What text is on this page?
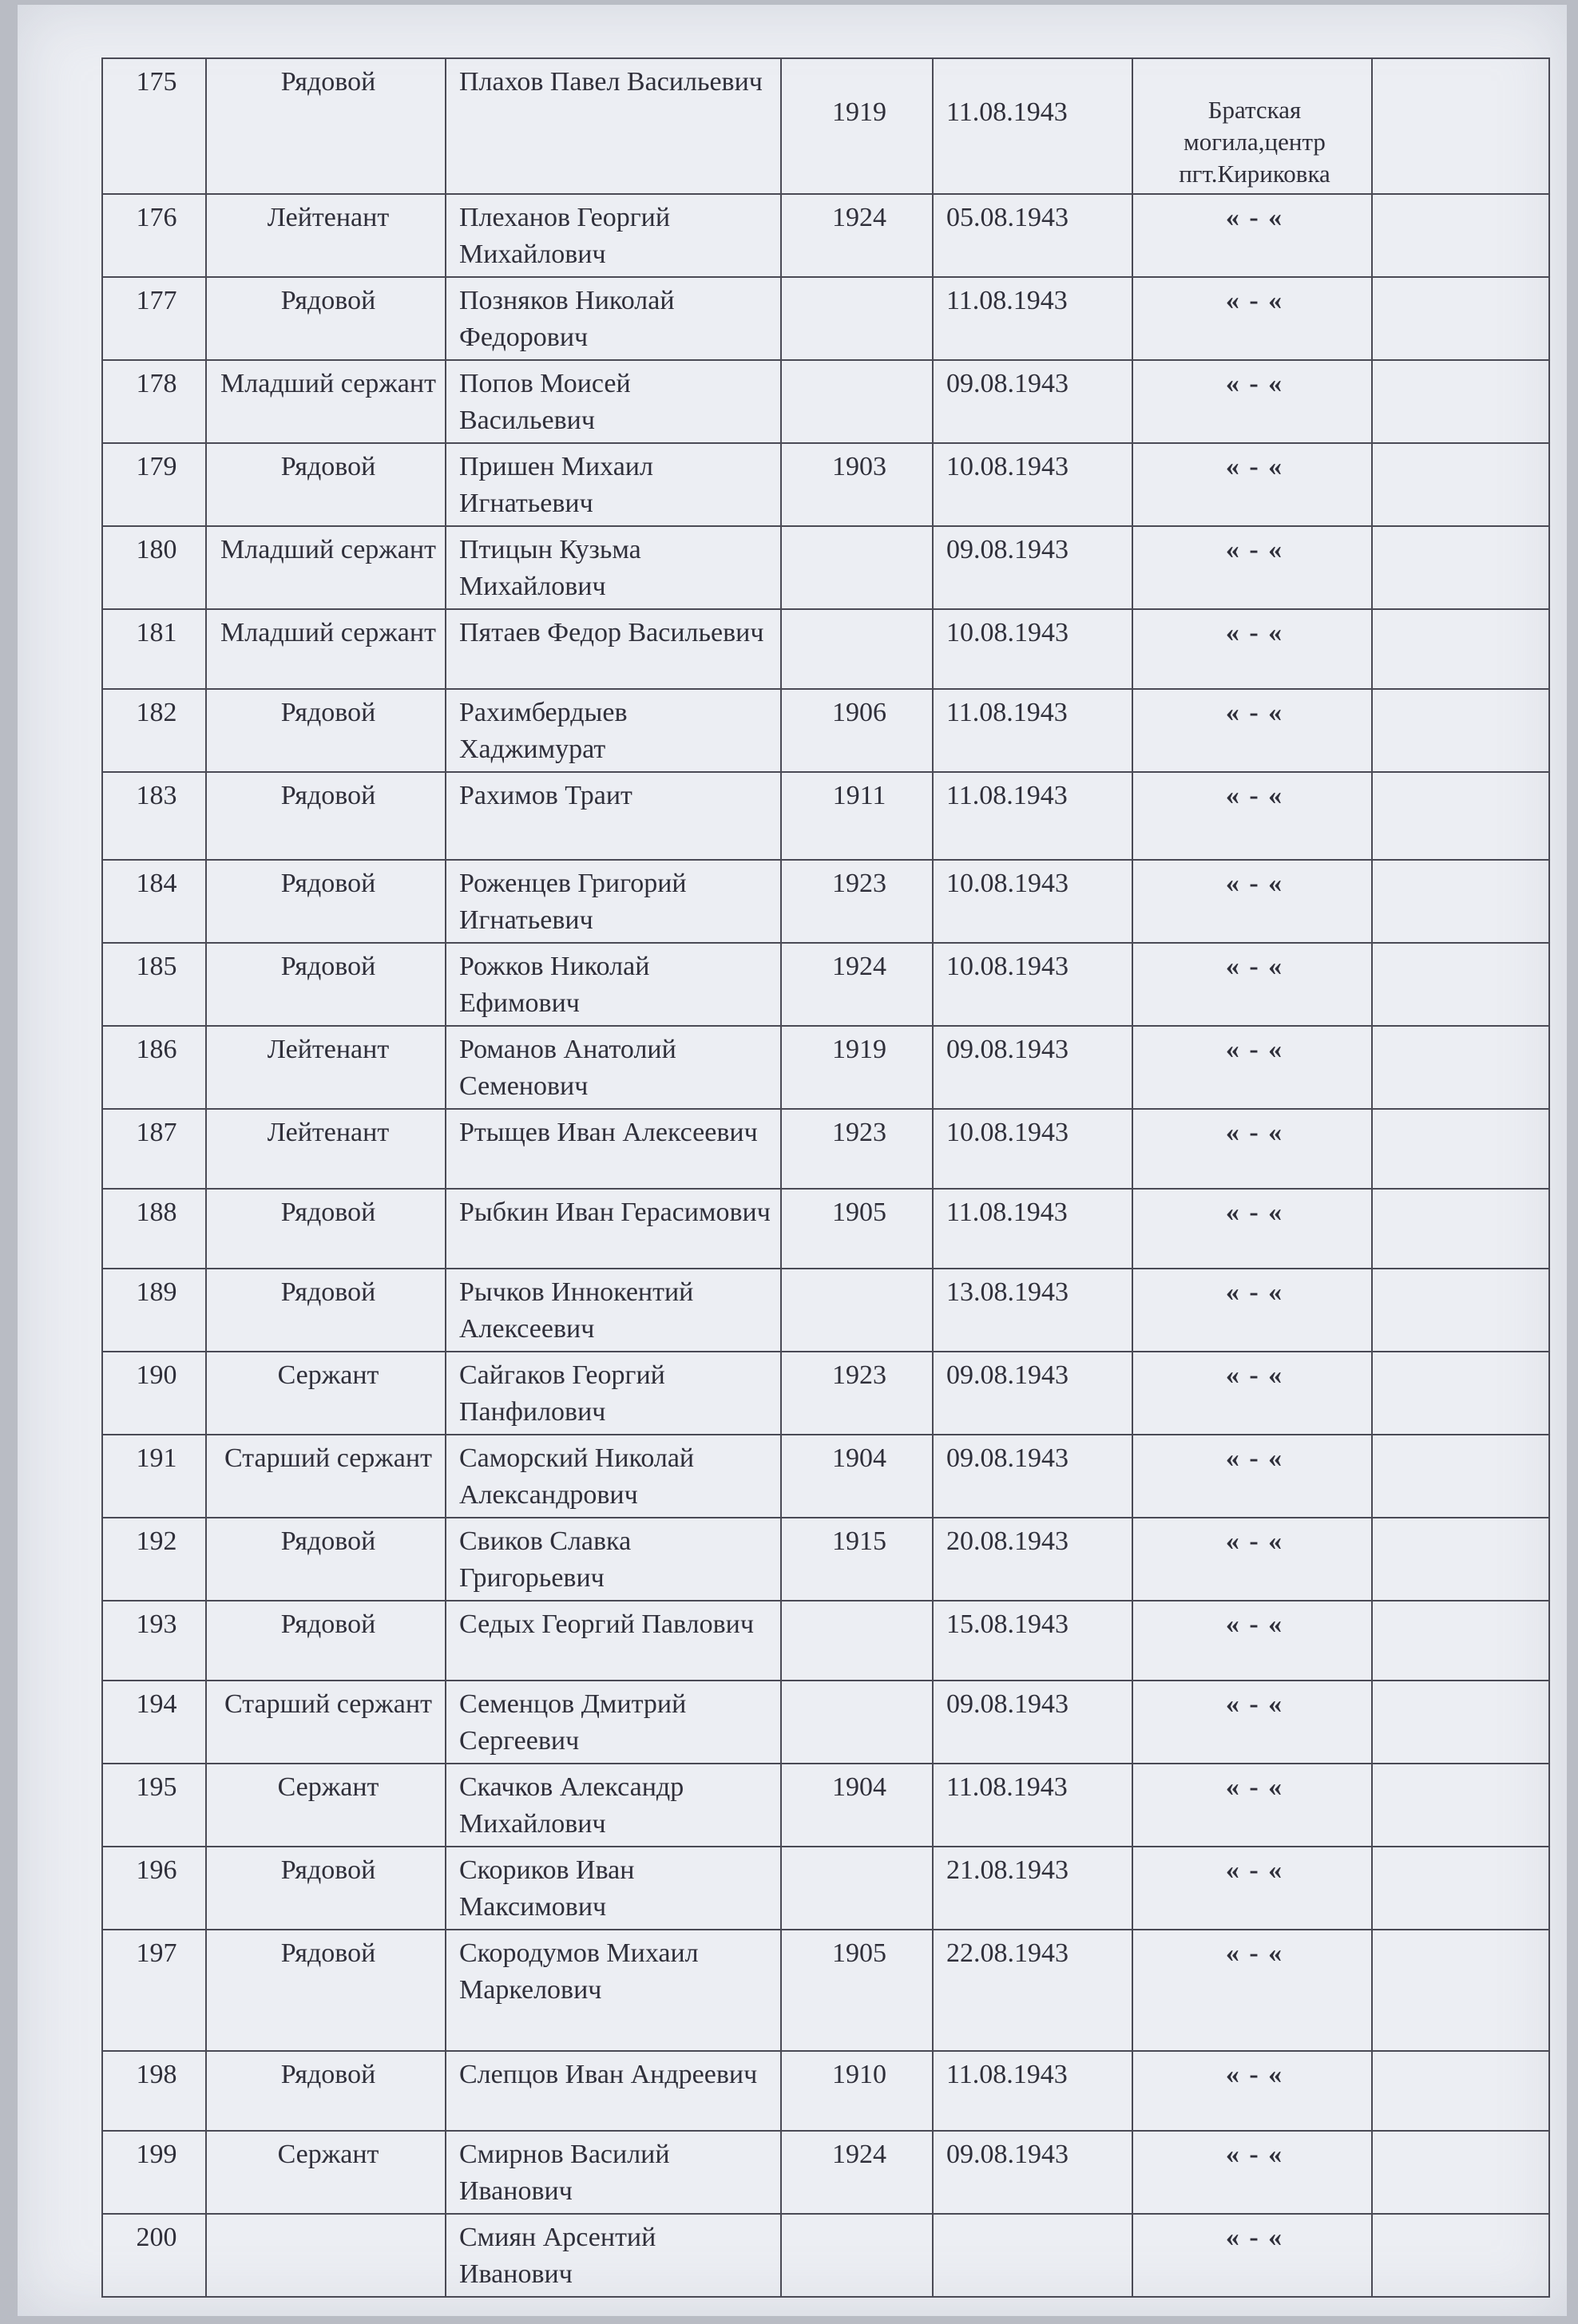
175	Рядовой	Плахов Павел Васильевич	1919	11.08.1943	Братская могила,центр пгт.Кириковка	
176	Лейтенант	Плеханов Георгий Михайлович	1924	05.08.1943	« - «	
177	Рядовой	Позняков Николай Федорович		11.08.1943	« - «	
178	Младший сержант	Попов Моисей Васильевич		09.08.1943	« - «	
179	Рядовой	Пришен Михаил Игнатьевич	1903	10.08.1943	« - «	
180	Младший сержант	Птицын Кузьма Михайлович		09.08.1943	« - «	
181	Младший сержант	Пятаев Федор Васильевич		10.08.1943	« - «	
182	Рядовой	Рахимбердыев Хаджимурат	1906	11.08.1943	« - «	
183	Рядовой	Рахимов Траит	1911	11.08.1943	« - «	
184	Рядовой	Роженцев Григорий Игнатьевич	1923	10.08.1943	« - «	
185	Рядовой	Рожков Николай Ефимович	1924	10.08.1943	« - «	
186	Лейтенант	Романов Анатолий Семенович	1919	09.08.1943	« - «	
187	Лейтенант	Ртыщев Иван Алексеевич	1923	10.08.1943	« - «	
188	Рядовой	Рыбкин Иван Герасимович	1905	11.08.1943	« - «	
189	Рядовой	Рычков Иннокентий Алексеевич		13.08.1943	« - «	
190	Сержант	Сайгаков Георгий Панфилович	1923	09.08.1943	« - «	
191	Старший сержант	Саморский Николай Александрович	1904	09.08.1943	« - «	
192	Рядовой	Свиков Славка Григорьевич	1915	20.08.1943	« - «	
193	Рядовой	Седых Георгий Павлович		15.08.1943	« - «	
194	Старший сержант	Семенцов Дмитрий Сергеевич		09.08.1943	« - «	
195	Сержант	Скачков Александр Михайлович	1904	11.08.1943	« - «	
196	Рядовой	Скориков Иван Максимович		21.08.1943	« - «	
197	Рядовой	Скородумов Михаил Маркелович	1905	22.08.1943	« - «	
198	Рядовой	Слепцов Иван Андреевич	1910	11.08.1943	« - «	
199	Сержант	Смирнов Василий Иванович	1924	09.08.1943	« - «	
200		Смиян Арсентий Иванович			« - «	
